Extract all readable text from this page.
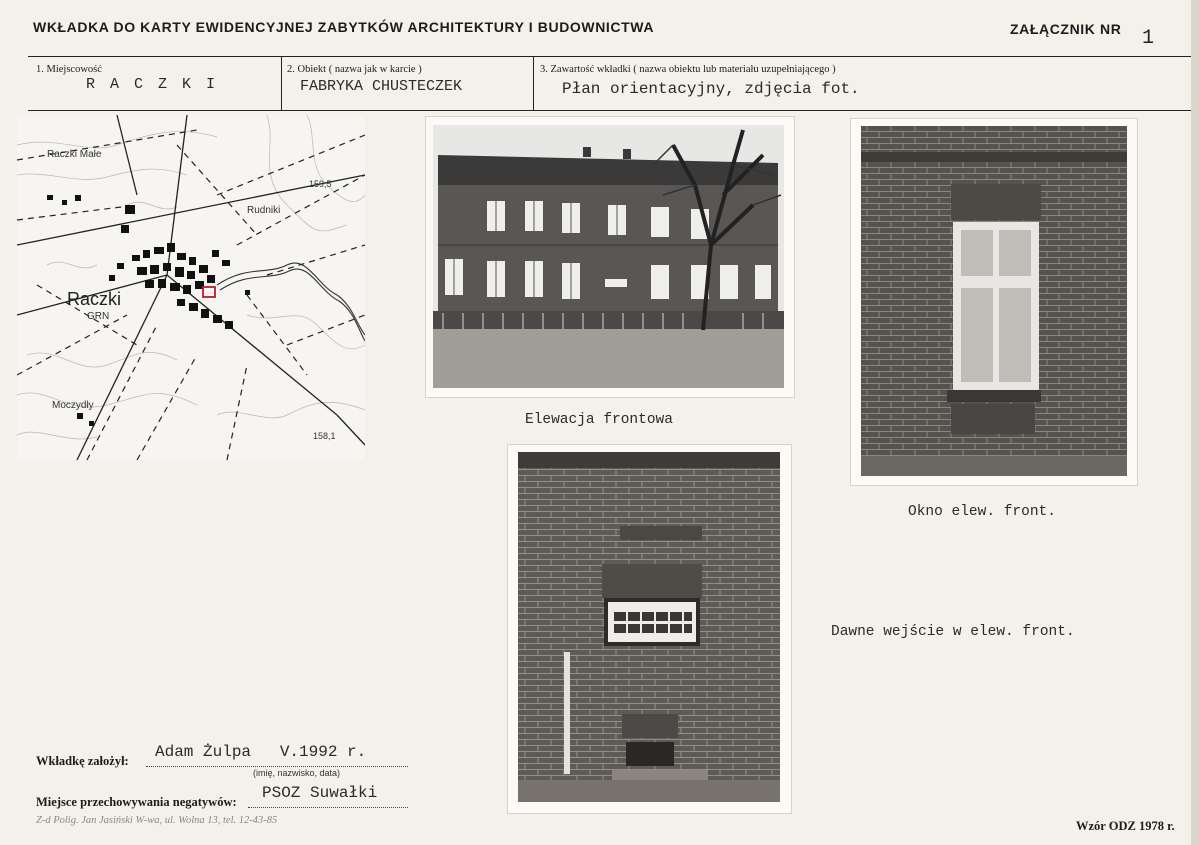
WKŁADKA DO KARTY EWIDENCYJNEJ ZABYTKÓW ARCHITEKTURY I BUDOWNICTWA	ZAŁĄCZNIK NR 1
1. Miejscowość
R A C Z K I
2. Obiekt ( nazwa jak w karcie )
FABRYKA CHUSTECZEK
3. Zawartość wkładki ( nazwa obiektu lub materiału uzupełniającego )
Płan orientacyjny, zdjęcia fot.
Raczki Małe
Raczki
GRN
Rudniki
Moczydły
159,5
158,1
Elewacja frontowa
Okno elew. front.
Dawne wejście w elew. front.
Wkładkę założył: Adam Żulpa   V.1992 r.
(imię, nazwisko, data)
Miejsce przechowywania negatywów: PSOZ Suwałki
Z-d Polig. Jan Jasiński W-wa, ul. Wolna 13, tel. 12-43-85	Wzór ODZ 1978 r.
